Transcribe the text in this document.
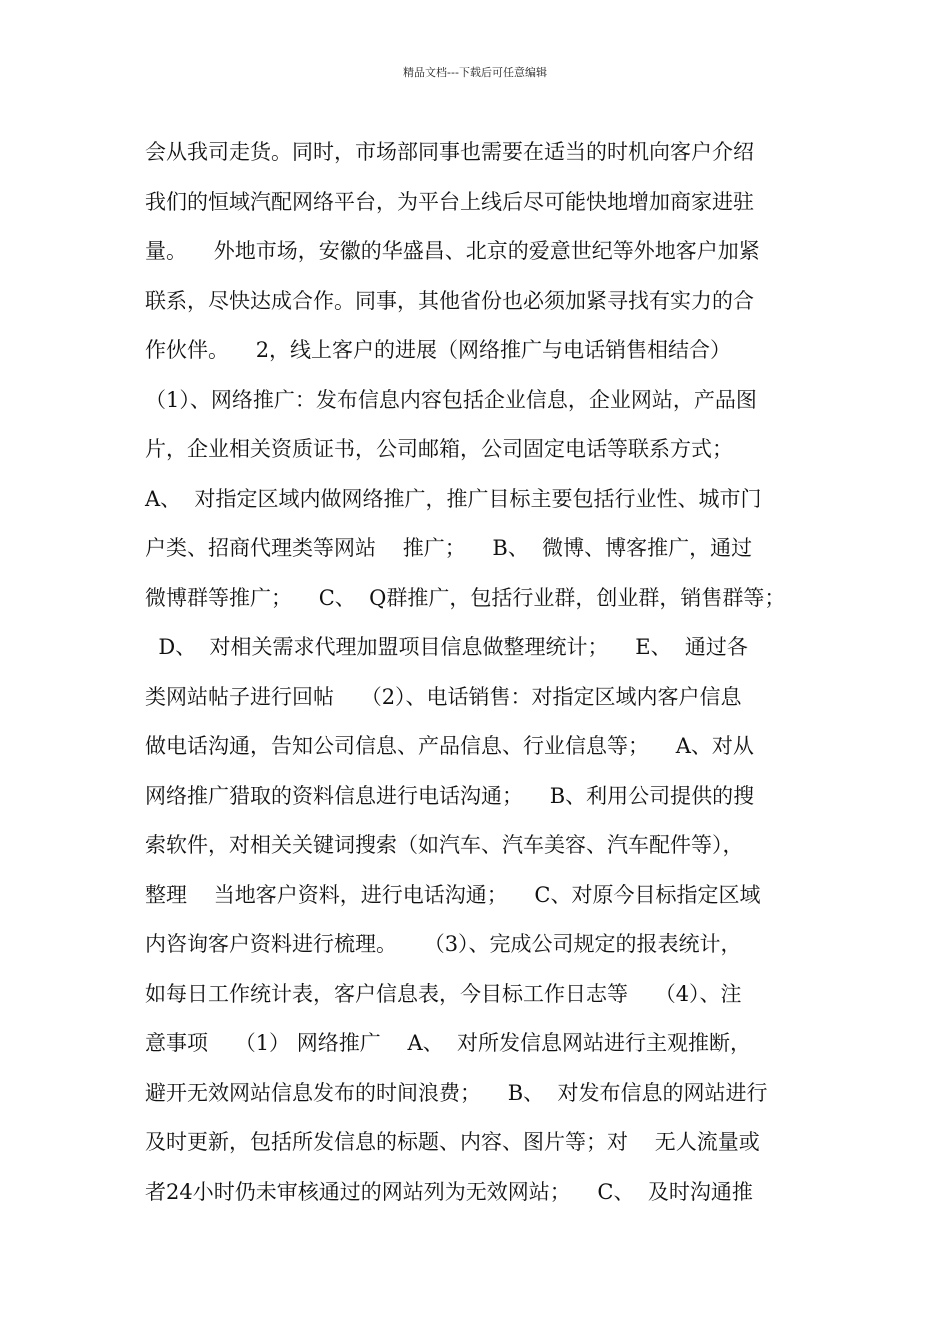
精品文档---下载后可任意编辑
会从我司走货。同时，市场部同事也需要在适当的时机向客户介绍
我们的恒域汽配网络平台，为平台上线后尽可能快地增加商家进驻
量。    外地市场，安徽的华盛昌、北京的爱意世纪等外地客户加紧
联系，尽快达成合作。同事，其他省份也必须加紧寻找有实力的合
作伙伴。    2，线上客户的进展（网络推广与电话销售相结合）
（1）、网络推广：发布信息内容包括企业信息，企业网站，产品图
片，企业相关资质证书，公司邮箱，公司固定电话等联系方式；
A、  对指定区域内做网络推广，推广目标主要包括行业性、城市门
户类、招商代理类等网站    推广；    B、  微博、博客推广，通过
微博群等推广；    C、  Q群推广，包括行业群，创业群，销售群等；
D、  对相关需求代理加盟项目信息做整理统计；    E、  通过各
类网站帖子进行回帖    （2）、电话销售：对指定区域内客户信息
做电话沟通，告知公司信息、产品信息、行业信息等；    A、对从
网络推广猎取的资料信息进行电话沟通；    B、利用公司提供的搜
索软件，对相关关键词搜索（如汽车、汽车美容、汽车配件等），
整理    当地客户资料，进行电话沟通；    C、对原今目标指定区域
内咨询客户资料进行梳理。    （3）、完成公司规定的报表统计，
如每日工作统计表，客户信息表，今目标工作日志等    （4）、注
意事项    （1） 网络推广    A、  对所发信息网站进行主观推断，
避开无效网站信息发布的时间浪费；    B、  对发布信息的网站进行
及时更新，包括所发信息的标题、内容、图片等；对    无人流量或
者24小时仍未审核通过的网站列为无效网站；    C、  及时沟通推
